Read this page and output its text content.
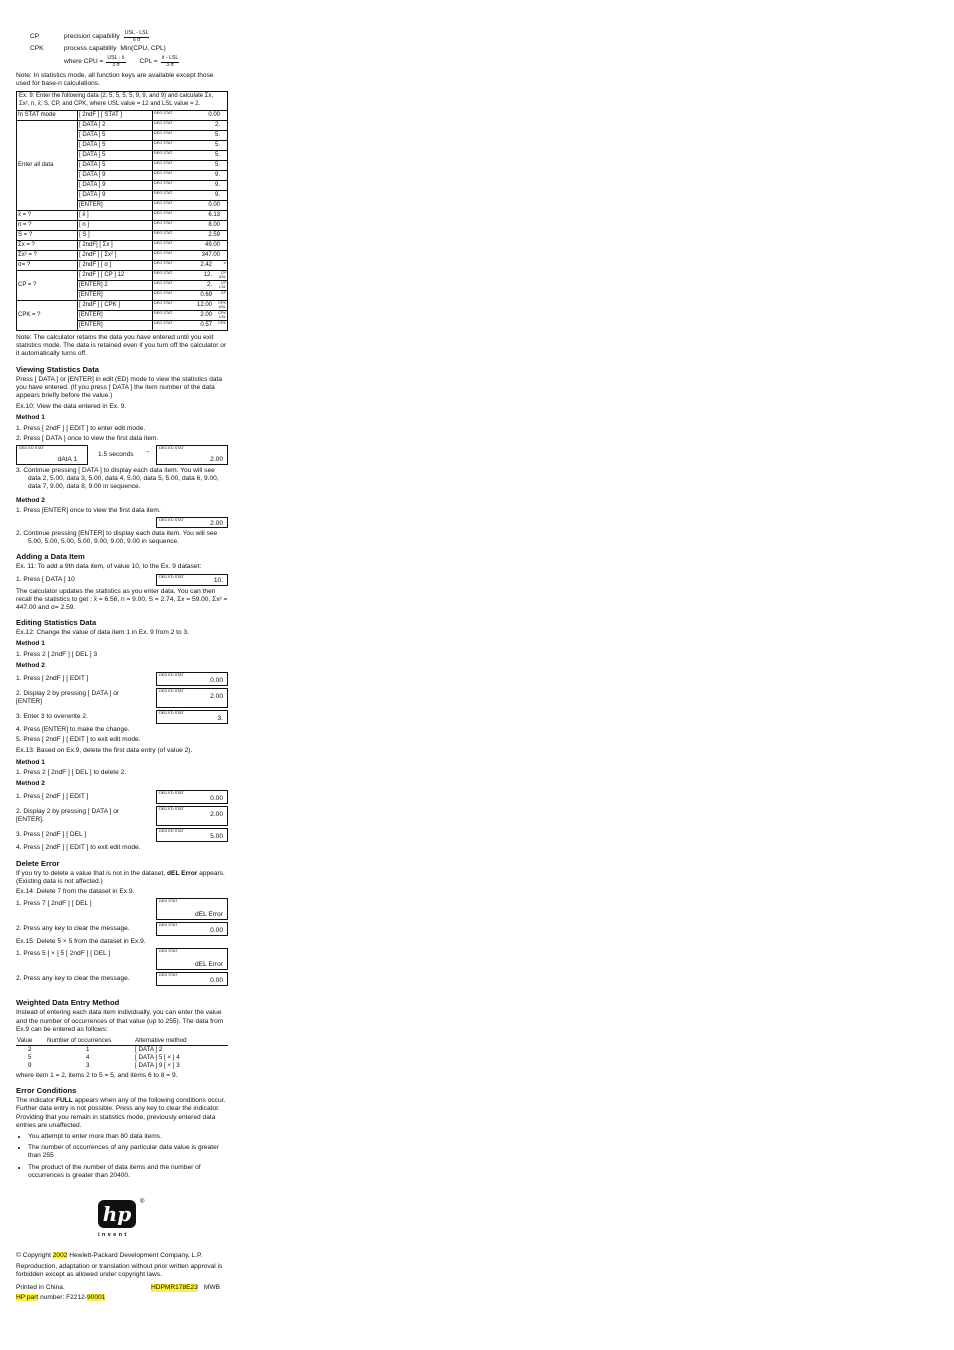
CP	precision capability $\frac{\text{USL - LSL}}{6 \sigma}$
CPK	process capability Min(CPU, CPL)
where CPU = $\frac{\text{USL - x̄}}{3 \sigma}$ CPL = $\frac{\text{x̄ - LSL}}{3 \sigma}$

Note: In statistics mode, all function keys are available except those used for base-n calculations.

Ex. 9: Enter the following data (2, 5, 5, 5, 5, 9, 9, and 9) and calculate Σx, Σx², n, x̄, S, CP, and CPK, where USL value = 12 and LSL value = 2.		
In STAT mode	[ 2ndF ] [ STAT ]	DEG STAT 0.00

Enter all data	[ DATA ] 2	DEG STAT 2.

	[ DATA ] 5	DEG STAT 5.

	[ DATA ] 5	DEG STAT 5.

	[ DATA ] 5	DEG STAT 5.

	[ DATA ] 5	DEG STAT 5.

	[ DATA ] 9	DEG STAT 9.

	[ DATA ] 9	DEG STAT 9.

	[ DATA ] 9	DEG STAT 9.

	[ENTER]	DEG STAT 0.00

x̄ = ?	[ x̄ ]	DEG STAT 6.13

n = ?	[ n ]	DEG STAT 8.00

S = ?	[ S ]	DEG STAT 2.59

Σx = ?	[ 2ndF] [ Σx ]	DEG STAT 49.00

Σx² = ?	[ 2ndF ] [ Σx² ]	DEG STAT 347.00

σ= ?	[ 2ndF ] [ σ ]	σ
DEG STAT 2.42

CP = ?	[ 2ndF ] [ CP ] 12	CP USL
DEG STAT 12.

	[ENTER] 2	CP LSL
DEG STAT 2.

	[ENTER]	CP
DEG STAT 0.69

CPK = ?	[ 2ndF ] [ CPK ]	CPK USL
DEG STAT 12.00

	[ENTER]	CPK LSL
DEG STAT 2.00

	[ENTER]	CPK
DEG STAT 0.57

Note: The calculator retains the data you have entered until you exit statistics mode. The data is retained even if you turn off the calculator or it automatically turns off.

Viewing Statistics Data

Press [ DATA ] or [ENTER] in edit (ED) mode to view the statistics data you have entered. (If you press [ DATA ] the item number of the data appears briefly before the value.)

Ex.10: View the data entered in Ex. 9.

Method 1

1. Press [ 2ndF ] [ EDIT ] to enter edit mode.

2. Press [ DATA ] once to view the first data item.

DEG ED STAT
dAtA 1
1.5 seconds → DEG ED STAT
2.00

3. Continue pressing [ DATA ] to display each data item. You will see data 2, 5.00, data 3, 5.00, data 4, 5.00, data 5, 5.00, data 6, 9.00, data 7, 9.00, data 8, 9.00 in sequence.

Method 2

1. Press [ENTER] once to view the first data item.

DEG ED STAT	2.00

2. Continue pressing [ENTER] to display each data item. You will see 5.00, 5.00, 5.00, 5.00, 9.00, 9.00, 9.00 in sequence.

Adding a Data Item

Ex. 11: To add a 9th data item, of value 10, to the Ex. 9 dataset:

1. Press [ DATA ] 10	DEG ED STAT
10.

The calculator updates the statistics as you enter data. You can then recall the statistics to get : x̄ = 6.56, n = 9.00, S = 2.74, Σx = 59.00, Σx² = 447.00 and σ= 2.59.

Editing Statistics Data

Ex.12: Change the value of data item 1 in Ex. 9 from 2 to 3.

Method 1

1. Press 2 [ 2ndF ] [ DEL ] 3

Method 2
1. Press [ 2ndF ] [ EDIT ]	DEG ED STAT
0.00
2. Display 2 by pressing [ DATA ] or [ENTER]
DEG ED STAT
2.00
3. Enter 3 to overwrite 2.	DEG ED STAT
3.

4. Press [ENTER] to make the change.

5. Press [ 2ndF ] [ EDIT ] to exit edit mode.

Ex.13: Based on Ex.9, delete the first data entry (of value 2).

Method 1

1. Press 2 [ 2ndF ] [ DEL ] to delete 2.

Method 2
1. Press [ 2ndF ] [ EDIT ]	DEG ED STAT
0.00
2. Display 2 by pressing [ DATA ] or [ENTER].
DEG ED STAT
2.00
3. Press [ 2ndF ] [ DEL ]	DEG ED STAT
5.00

4. Press [ 2ndF ] [ EDIT ] to exit edit mode.

Delete Error

If you try to delete a value that is not in the dataset, dEL Error appears. (Existing data is not affected.)

Ex.14: Delete 7 from the dataset in Ex.9.

1. Press 7 [ 2ndF ] [ DEL ]	DEG STAT
dEL Error
2. Press any key to clear the message.	DEG STAT
0.00

Ex.15: Delete 5 × 5 from the dataset in Ex.9.

1. Press 5 [ × ] 5 [ 2ndF ] [ DEL ]	DEG STAT
dEL Error
2. Press any key to clear the message.	DEG STAT
0.00
Weighted Data Entry Method

Instead of entering each data item individually, you can enter the value and the number of occurrences of that value (up to 255). The data from Ex.9 can be entered as follows:

Value	Number of occurrences	Alternative method
2	1	[ DATA ] 2
5	4	[ DATA ] 5 [ × ] 4
9	3	[ DATA ] 9 [ × ] 3

where item 1 = 2, items 2 to 5 = 5, and items 6 to 8 = 9.

Error Conditions

The indicator FULL appears when any of the following conditions occur. Further data entry is not possible. Press any key to clear the indicator. Providing that you remain in statistics mode, previously entered data entries are unaffected.

• You attempt to enter more than 80 data items.
• The number of occurrences of any particular data value is greater than 255
• The product of the number of data items and the number of occurrences is greater than 20400.
hp	®
i n v e n t

© Copyright 2002 Hewlett-Packard Development Company, L.P.

Reproduction, adaptation or translation without prior written approval is forbidden except as allowed under copyright laws.

Printed in China.	HDPMR178E23 MWB

HP part number: F2212-90001
